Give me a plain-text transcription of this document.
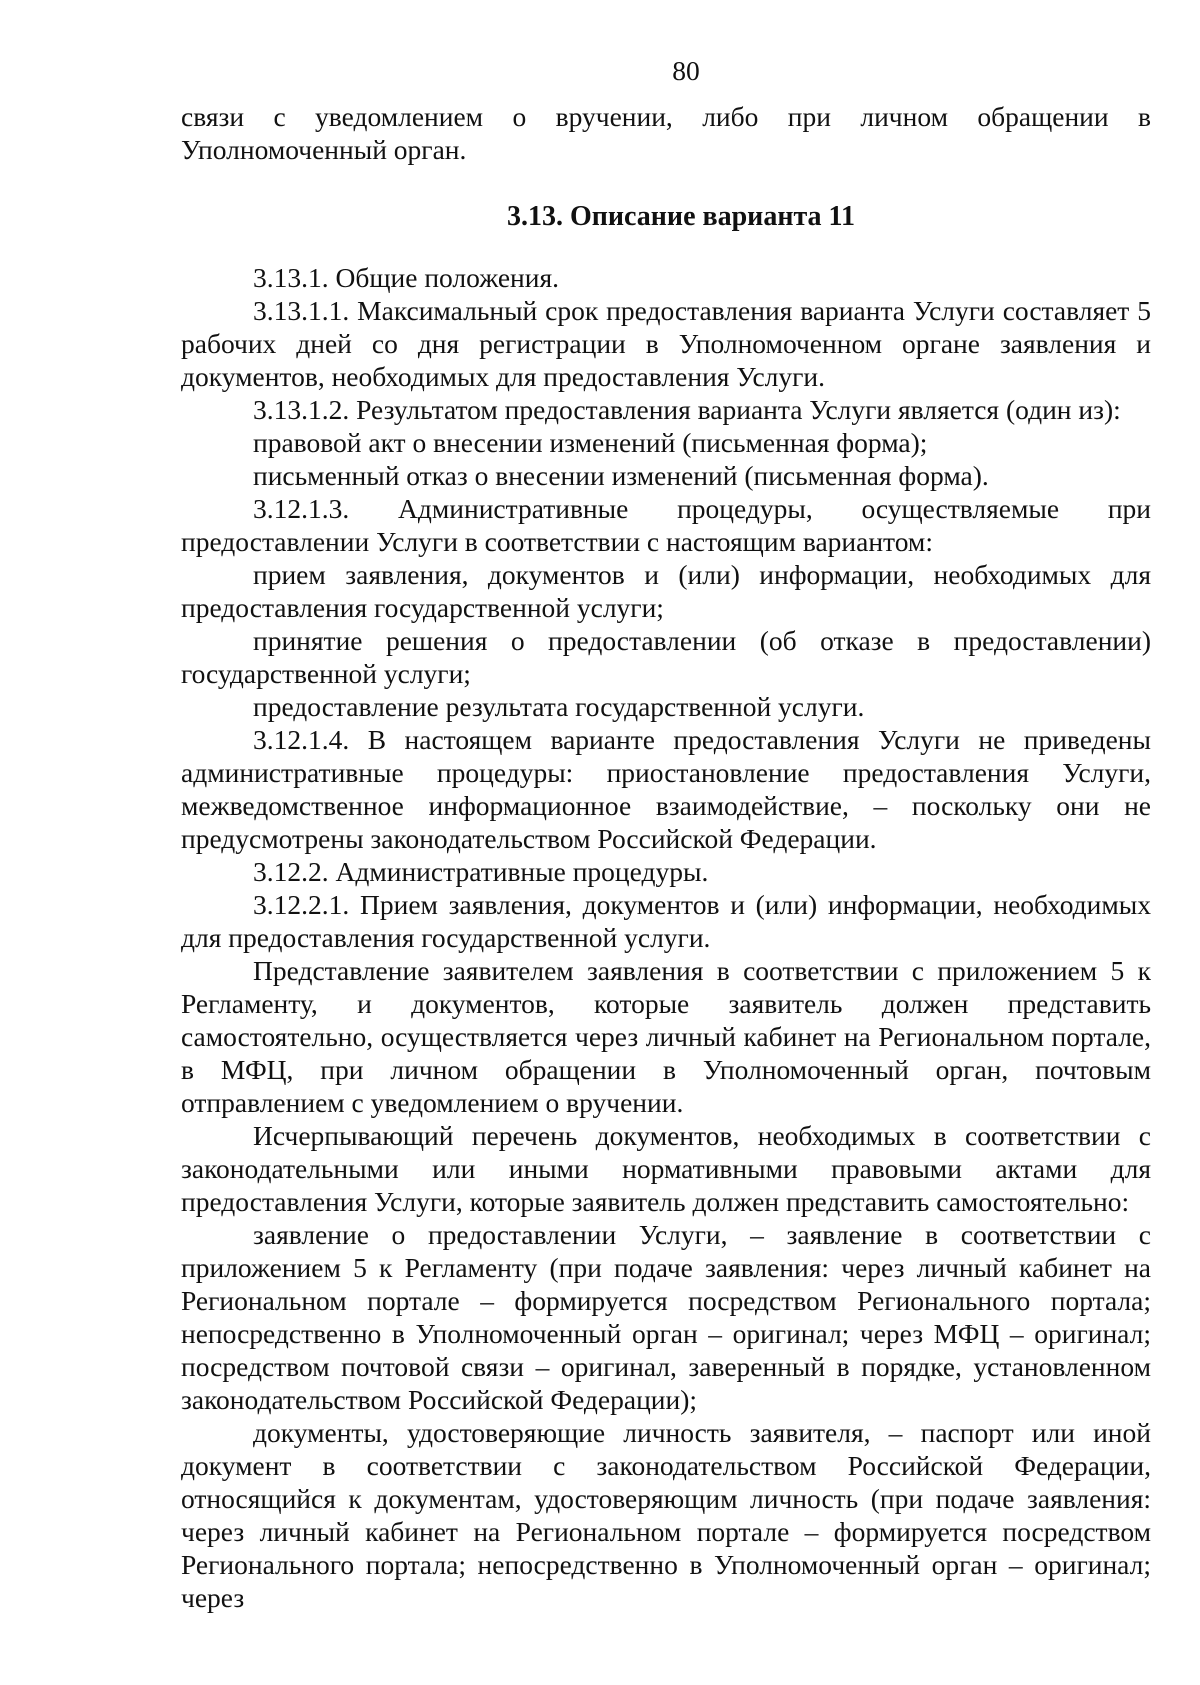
80

связи с уведомлением о вручении, либо при личном обращении в Уполномоченный орган.

3.13. Описание варианта 11

3.13.1. Общие положения.

3.13.1.1. Максимальный срок предоставления варианта Услуги составляет 5 рабочих дней со дня регистрации в Уполномоченном органе заявления и документов, необходимых для предоставления Услуги.

3.13.1.2. Результатом предоставления варианта Услуги является (один из):

правовой акт о внесении изменений (письменная форма);

письменный отказ о внесении изменений (письменная форма).

3.12.1.3. Административные процедуры, осуществляемые при предоставлении Услуги в соответствии с настоящим вариантом:

прием заявления, документов и (или) информации, необходимых для предоставления государственной услуги;

принятие решения о предоставлении (об отказе в предоставлении) государственной услуги;

предоставление результата государственной услуги.

3.12.1.4. В настоящем варианте предоставления Услуги не приведены административные процедуры: приостановление предоставления Услуги, межведомственное информационное взаимодействие, – поскольку они не предусмотрены законодательством Российской Федерации.

3.12.2. Административные процедуры.

3.12.2.1. Прием заявления, документов и (или) информации, необходимых для предоставления государственной услуги.

Представление заявителем заявления в соответствии с приложением 5 к Регламенту, и документов, которые заявитель должен представить самостоятельно, осуществляется через личный кабинет на Региональном портале, в МФЦ, при личном обращении в Уполномоченный орган, почтовым отправлением с уведомлением о вручении.

Исчерпывающий перечень документов, необходимых в соответствии с законодательными или иными нормативными правовыми актами для предоставления Услуги, которые заявитель должен представить самостоятельно:

заявление о предоставлении Услуги, – заявление в соответствии с приложением 5 к Регламенту (при подаче заявления: через личный кабинет на Региональном портале – формируется посредством Регионального портала; непосредственно в Уполномоченный орган – оригинал; через МФЦ – оригинал; посредством почтовой связи – оригинал, заверенный в порядке, установленном законодательством Российской Федерации);

документы, удостоверяющие личность заявителя, – паспорт или иной документ в соответствии с законодательством Российской Федерации, относящийся к документам, удостоверяющим личность (при подаче заявления: через личный кабинет на Региональном портале – формируется посредством Регионального портала; непосредственно в Уполномоченный орган – оригинал; через
